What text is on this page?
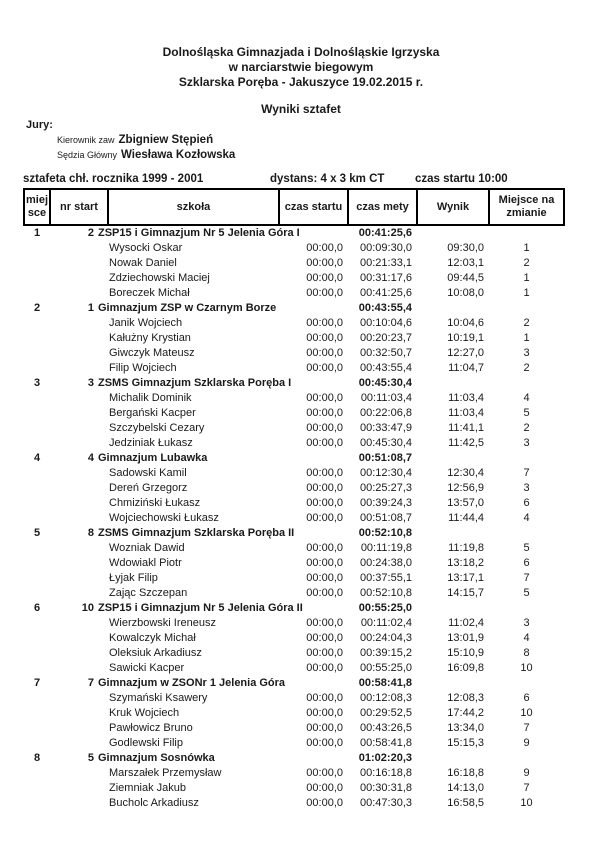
Dolnośląska Gimnazjada i Dolnośląskie Igrzyska
w narciarstwie biegowym
Szklarska Poręba - Jakuszyce 19.02.2015 r.
Wyniki sztafet
Jury:
Kierownik zaw Zbigniew Stępień
Sędzia Główny Wiesława Kozłowska
sztafeta chł. rocznika 1999 - 2001	dystans: 4 x 3 km CT	czas startu 10:00
miej sce	nr start	szkoła	czas startu	czas mety	Wynik	Miejsce na zmianie
1	2 ZSP15 i Gimnazjum Nr 5 Jelenia Góra I			00:41:25,6		
		Wysocki Oskar	00:00,0	00:09:30,0	09:30,0	1
		Nowak Daniel	00:00,0	00:21:33,1	12:03,1	2
		Zdziechowski Maciej	00:00,0	00:31:17,6	09:44,5	1
		Boreczek Michał	00:00,0	00:41:25,6	10:08,0	1
2	1 Gimnazjum ZSP w Czarnym Borze			00:43:55,4		
		Janik Wojciech	00:00,0	00:10:04,6	10:04,6	2
		Kałużny Krystian	00:00,0	00:20:23,7	10:19,1	1
		Giwczyk Mateusz	00:00,0	00:32:50,7	12:27,0	3
		Filip Wojciech	00:00,0	00:43:55,4	11:04,7	2
3	3 ZSMS Gimnazjum Szklarska Poręba I			00:45:30,4		
		Michalik Dominik	00:00,0	00:11:03,4	11:03,4	4
		Bergański Kacper	00:00,0	00:22:06,8	11:03,4	5
		Szczybelski Cezary	00:00,0	00:33:47,9	11:41,1	2
		Jedziniak Łukasz	00:00,0	00:45:30,4	11:42,5	3
4	4 Gimnazjum Lubawka			00:51:08,7		
		Sadowski Kamil	00:00,0	00:12:30,4	12:30,4	7
		Dereń Grzegorz	00:00,0	00:25:27,3	12:56,9	3
		Chmiziński Łukasz	00:00,0	00:39:24,3	13:57,0	6
		Wojciechowski Łukasz	00:00,0	00:51:08,7	11:44,4	4
5	8 ZSMS Gimnazjum Szklarska Poręba II			00:52:10,8		
		Wozniak Dawid	00:00,0	00:11:19,8	11:19,8	5
		Wdowiakl Piotr	00:00,0	00:24:38,0	13:18,2	6
		Łyjak Filip	00:00,0	00:37:55,1	13:17,1	7
		Zając Szczepan	00:00,0	00:52:10,8	14:15,7	5
6	10 ZSP15 i Gimnazjum Nr 5 Jelenia Góra II			00:55:25,0		
		Wierzbowski Ireneusz	00:00,0	00:11:02,4	11:02,4	3
		Kowalczyk Michał	00:00,0	00:24:04,3	13:01,9	4
		Oleksiuk Arkadiusz	00:00,0	00:39:15,2	15:10,9	8
		Sawicki Kacper	00:00,0	00:55:25,0	16:09,8	10
7	7 Gimnazjum w ZSONr 1 Jelenia Góra			00:58:41,8		
		Szymański Ksawery	00:00,0	00:12:08,3	12:08,3	6
		Kruk Wojciech	00:00,0	00:29:52,5	17:44,2	10
		Pawłowicz Bruno	00:00,0	00:43:26,5	13:34,0	7
		Godlewski Filip	00:00,0	00:58:41,8	15:15,3	9
8	5 Gimnazjum Sosnówka			01:02:20,3		
		Marszałek Przemysław	00:00,0	00:16:18,8	16:18,8	9
		Ziemniak Jakub	00:00,0	00:30:31,8	14:13,0	7
		Bucholc Arkadiusz	00:00,0	00:47:30,3	16:58,5	10
